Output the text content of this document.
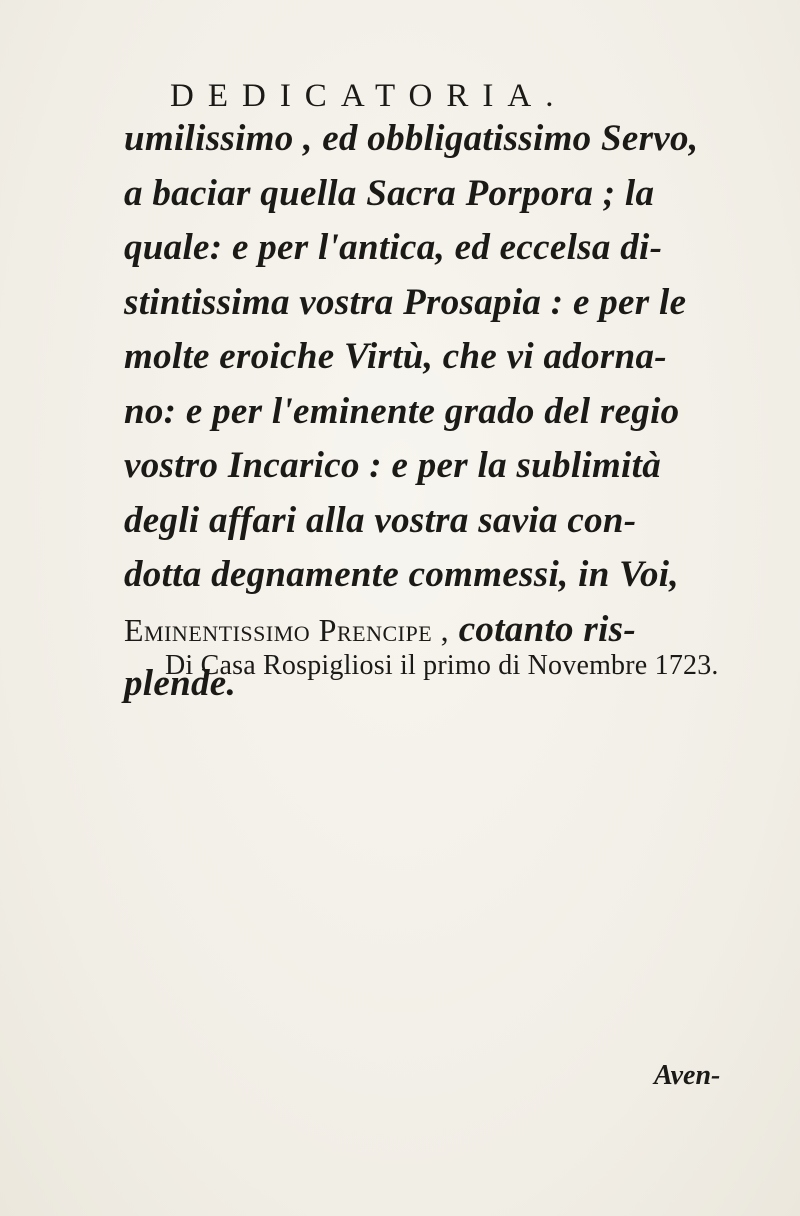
DEDICATORIA.
umilissimo , ed obbligatissimo Servo,
a baciar quella Sacra Porpora ; la
quale: e per l'antica, ed eccelsa di-
stintissima vostra Prosapia : e per le
molte eroiche Virtù, che vi adorna-
no: e per l'eminente grado del regio
vostro Incarico : e per la sublimità
degli affari alla vostra savia con-
dotta degnamente commessi, in Voi,
Eminentissimo Prencipe , cotanto ris-
plende.
Di Casa Rospigliosi il primo di Novembre 1723.
Aven-
